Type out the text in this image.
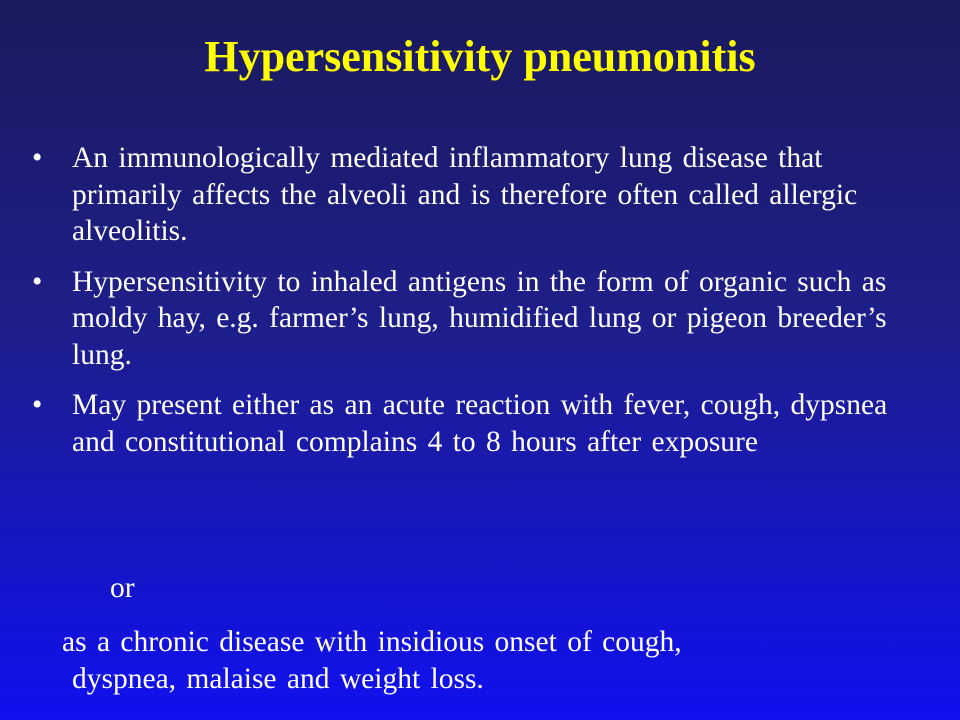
Hypersensitivity pneumonitis
• An immunologically mediated inflammatory lung disease that primarily affects the alveoli and is therefore often called allergic alveolitis.
• Hypersensitivity to inhaled antigens in the form of organic such as moldy hay, e.g. farmer’s lung, humidified lung or pigeon breeder’s lung.
• May present either as an acute reaction with fever, cough, dypsnea and constitutional complains 4 to 8 hours after exposure
or
as a chronic disease with insidious onset of cough,
dyspnea, malaise and weight loss.
